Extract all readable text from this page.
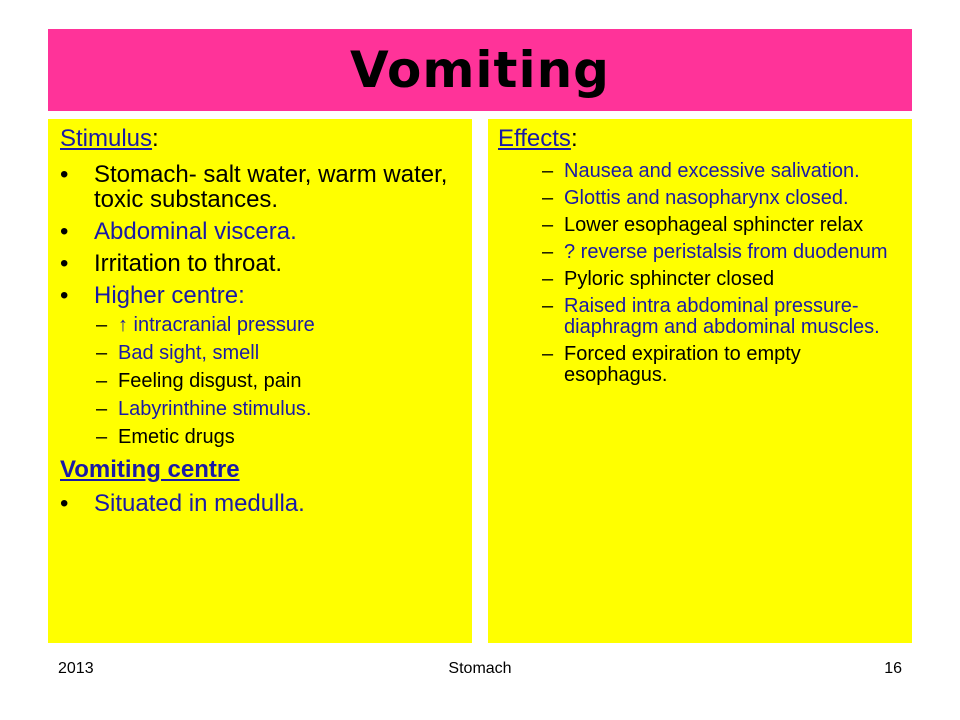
Vomiting

Stimulus:

•	Stomach- salt water, warm water, toxic substances.
•	Abdominal viscera.
•	Irritation to throat.
•	Higher centre:
– ↑ intracranial pressure
– Bad sight, smell
– Feeling disgust, pain
– Labyrinthine stimulus.
– Emetic drugs
Vomiting centre
•	Situated in medulla.

Effects:

– Nausea and excessive salivation.
– Glottis and nasopharynx closed.
– Lower esophageal sphincter relax
– ? reverse peristalsis from duodenum
– Pyloric sphincter closed
– Raised intra abdominal pressure- diaphragm and abdominal muscles.
– Forced expiration to empty esophagus.
2013	Stomach	16
